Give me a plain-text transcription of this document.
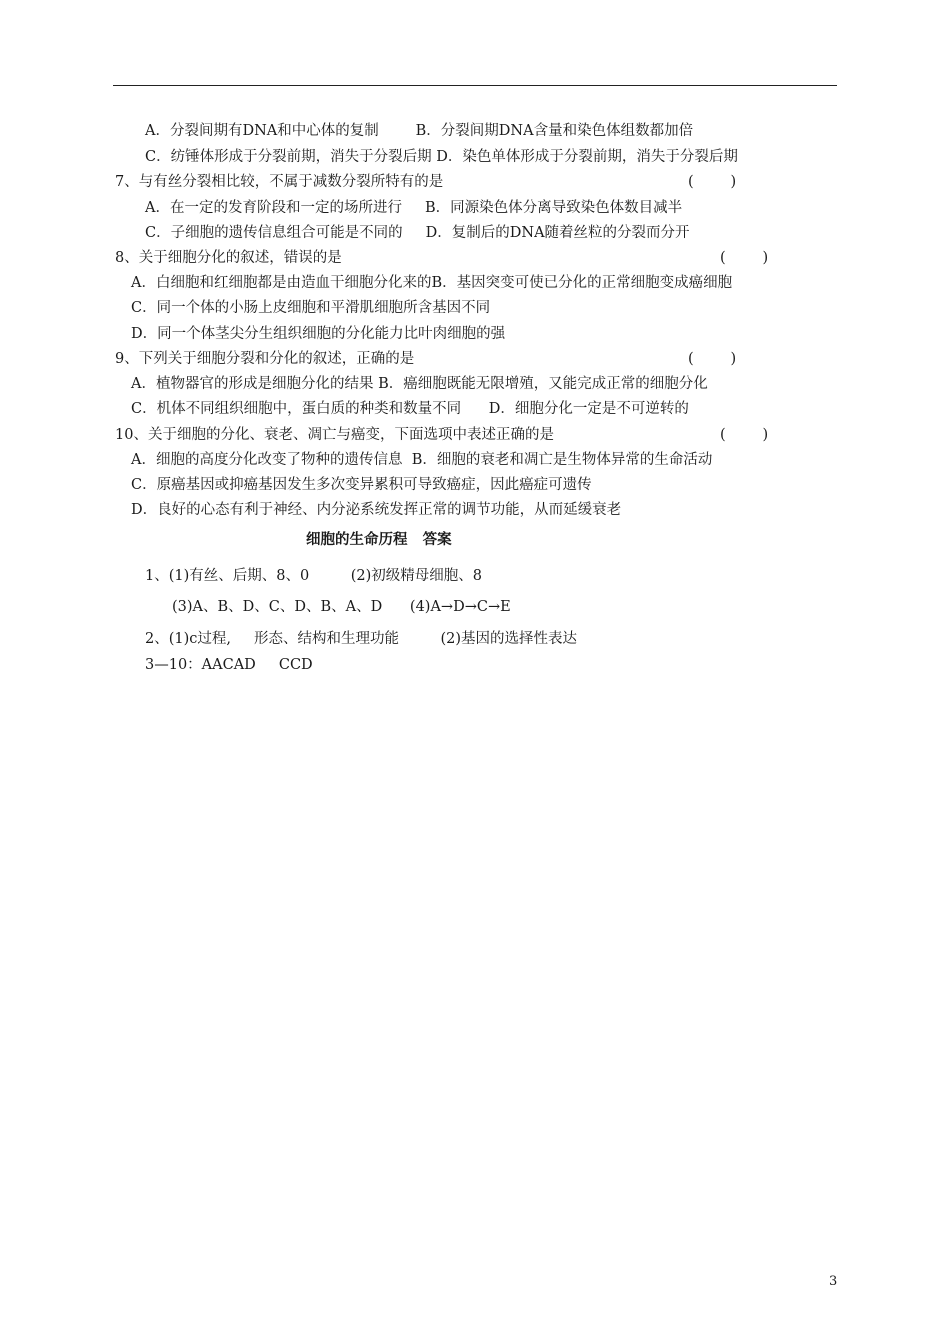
A．分裂间期有DNA和中心体的复制        B．分裂间期DNA含量和染色体组数都加倍
C．纺锤体形成于分裂前期，消失于分裂后期 D．染色单体形成于分裂前期，消失于分裂后期
7、与有丝分裂相比较，不属于减数分裂所特有的是	(        )
A．在一定的发育阶段和一定的场所进行     B．同源染色体分离导致染色体数目减半
C．子细胞的遗传信息组合可能是不同的     D．复制后的DNA随着丝粒的分裂而分开
8、关于细胞分化的叙述，错误的是	(        )
A．白细胞和红细胞都是由造血干细胞分化来的B．基因突变可使已分化的正常细胞变成癌细胞
C．同一个体的小肠上皮细胞和平滑肌细胞所含基因不同
D．同一个体茎尖分生组织细胞的分化能力比叶肉细胞的强
9、下列关于细胞分裂和分化的叙述，正确的是	(        )
A．植物器官的形成是细胞分化的结果 B．癌细胞既能无限增殖，又能完成正常的细胞分化
C．机体不同组织细胞中，蛋白质的种类和数量不同      D．细胞分化一定是不可逆转的
10、关于细胞的分化、衰老、凋亡与癌变，下面选项中表述正确的是	(        )
A．细胞的高度分化改变了物种的遗传信息  B．细胞的衰老和凋亡是生物体异常的生命活动
C．原癌基因或抑癌基因发生多次变异累积可导致癌症，因此癌症可遗传
D．良好的心态有利于神经、内分泌系统发挥正常的调节功能，从而延缓衰老
细胞的生命历程   答案
1、(1)有丝、后期、8、0         (2)初级精母细胞、8
(3)A、B、D、C、D、B、A、D      (4)A→D→C→E
2、(1)c过程,     形态、结构和生理功能         (2)基因的选择性表达
3—10：AACAD     CCD
3
